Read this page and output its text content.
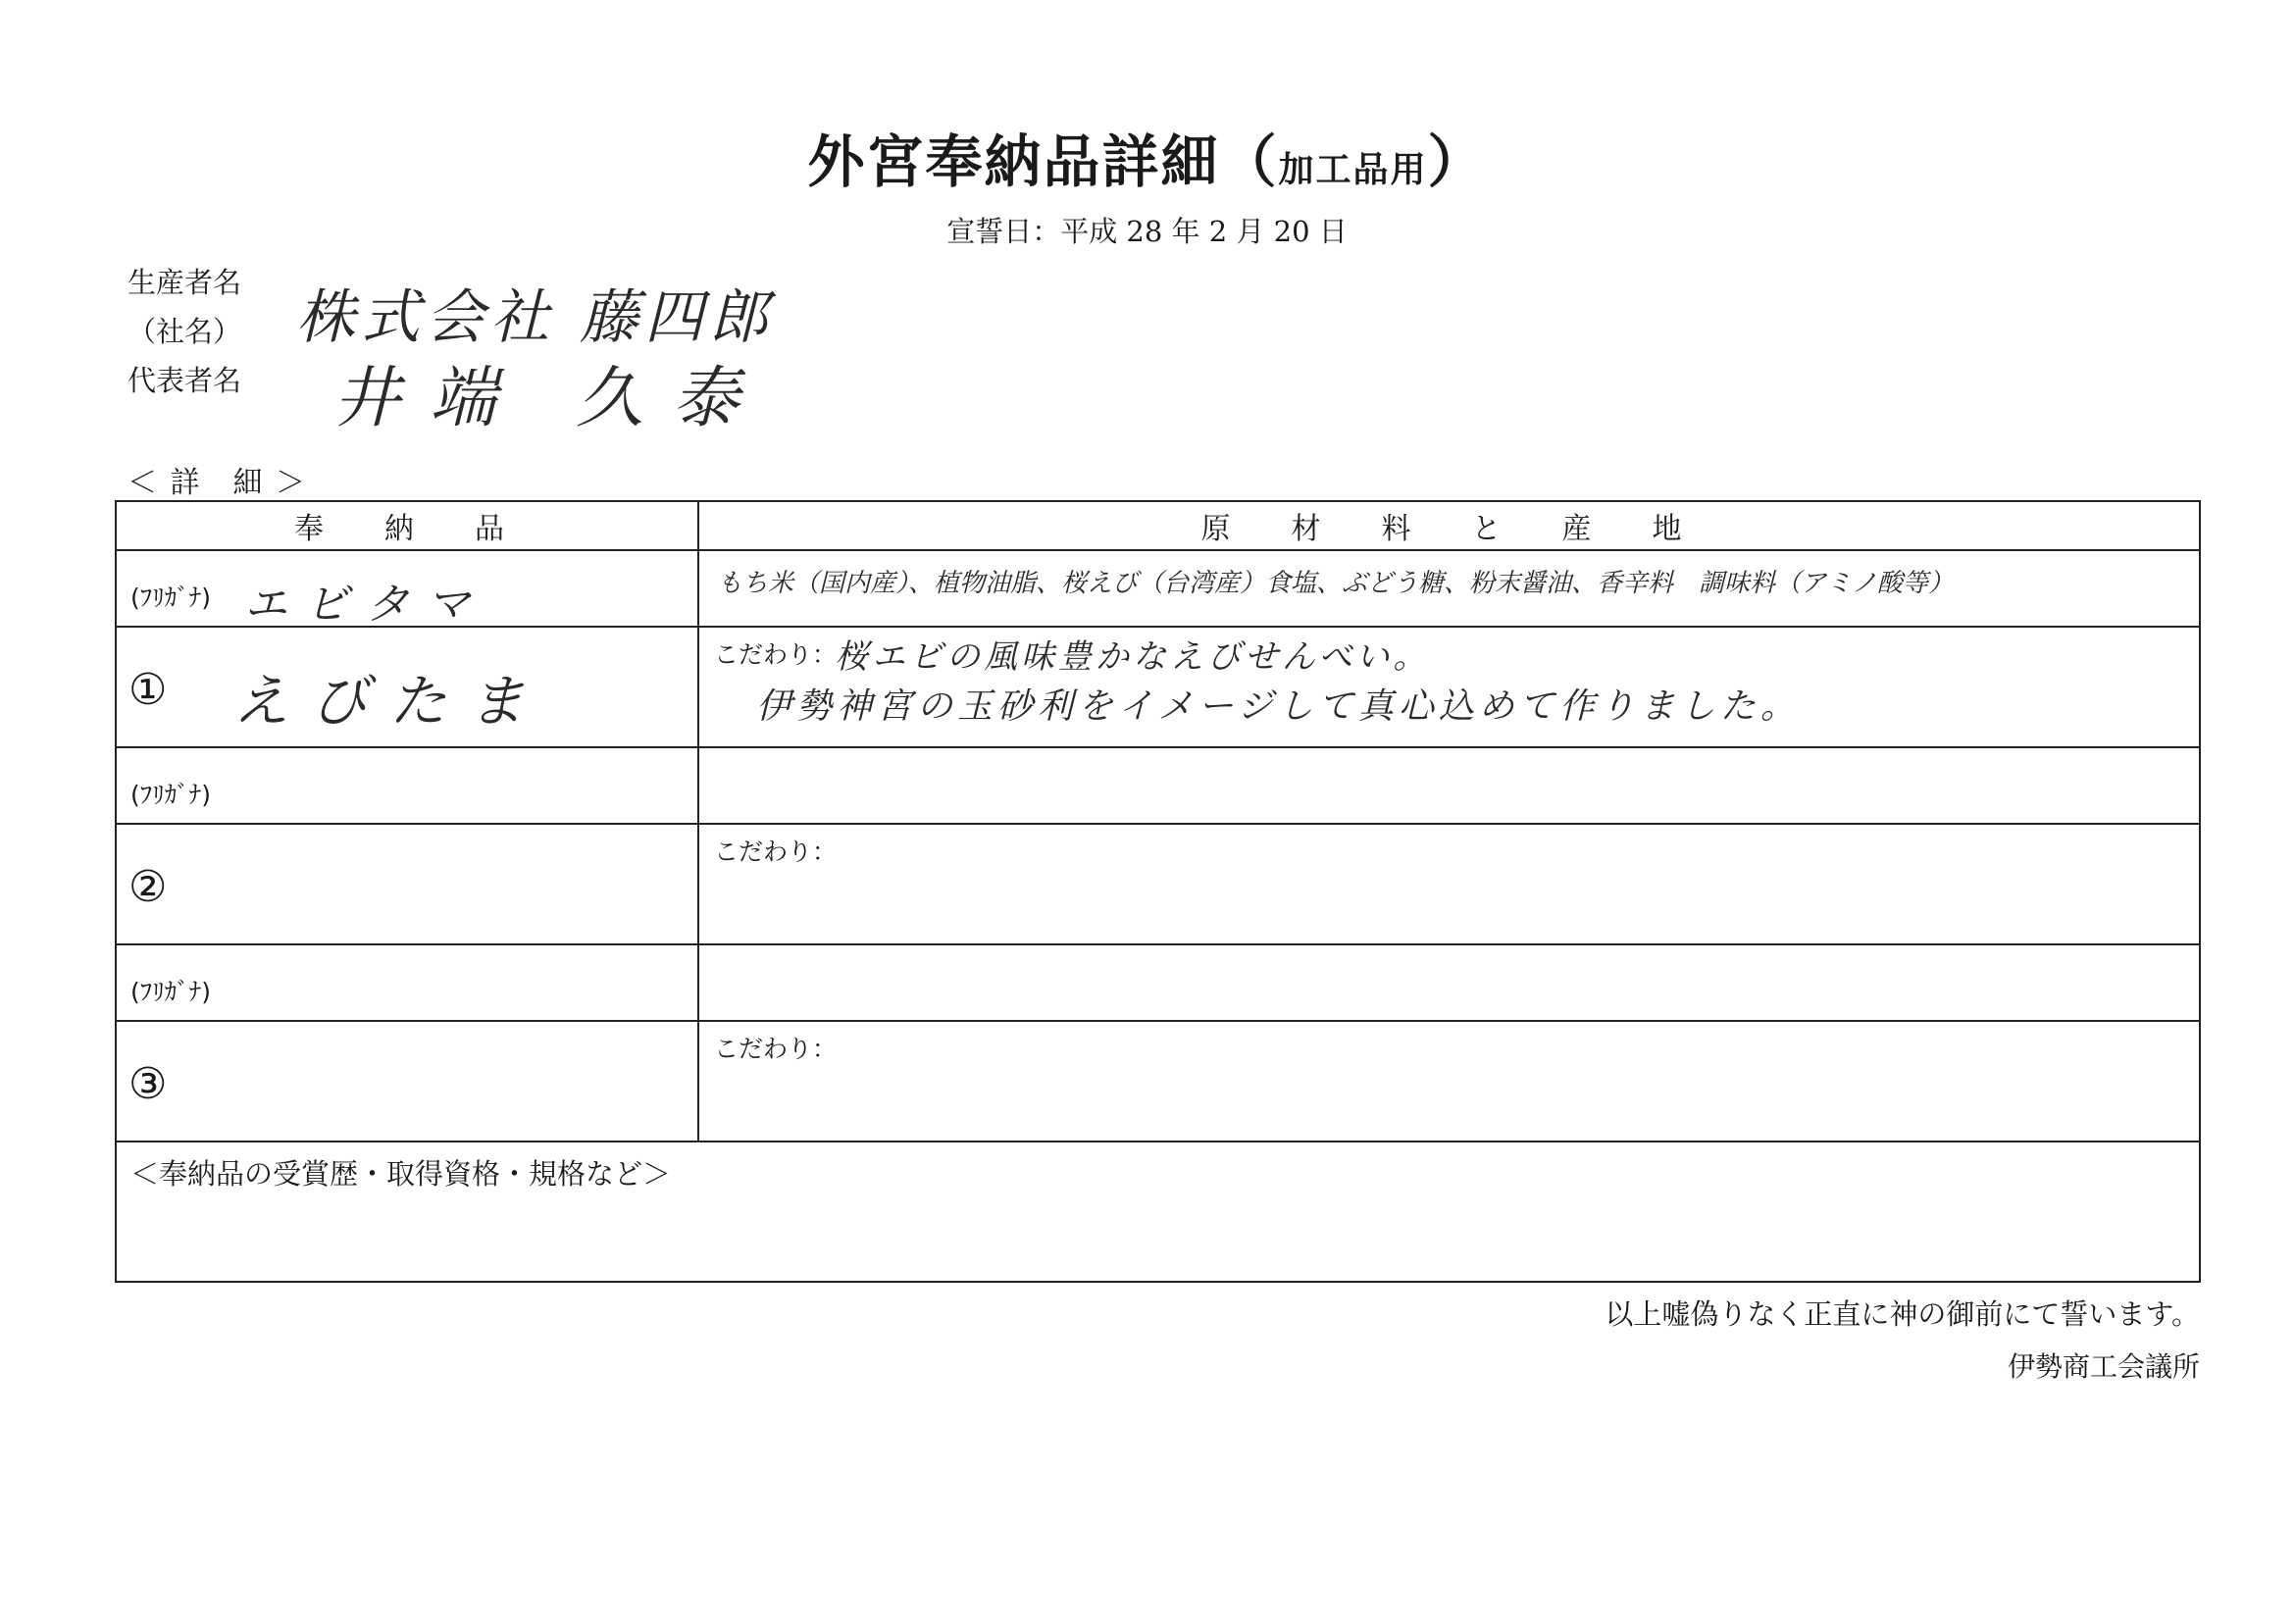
外宮奉納品詳細（加工品用）
宣誓日：平成 28 年 2 月 20 日
生産者名
（社名） 株式会社 藤四郎
代表者名 井端 久泰
＜ 詳　細 ＞
奉　納　品	原　材　料　と　産　地

(ﾌﾘｶﾞﾅ) エビタマ	もち米（国内産）、植物油脂、桜えび（台湾産）食塩、ぶどう糖、粉末醤油、香辛料　調味料（アミノ酸等）

① えびたま	こだわり：
桜エビの風味豊かなえびせんべい。
伊勢神宮の玉砂利をイメージして真心込めて作りました。

(ﾌﾘｶﾞﾅ)	

②	こだわり：

(ﾌﾘｶﾞﾅ)	

③	こだわり：

＜奉納品の受賞歴・取得資格・規格など＞	
以上嘘偽りなく正直に神の御前にて誓います。
伊勢商工会議所
